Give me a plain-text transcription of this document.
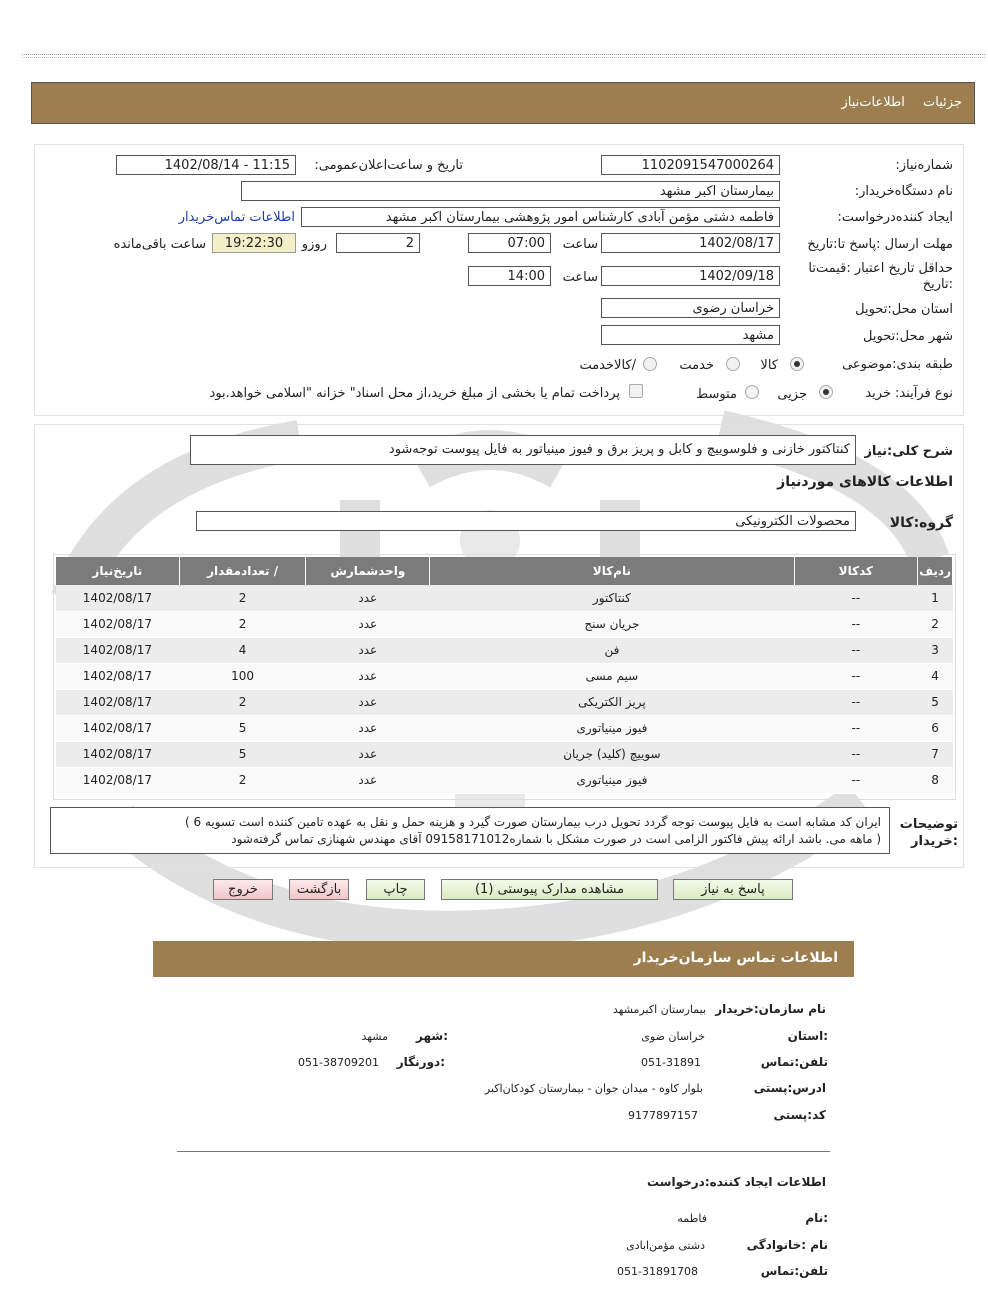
جزئیات اطلاعات‌نیاز
شماره‌نیاز:
1102091547000264
تاریخ و ساعت‌اعلان‌عمومی:
1402/08/14 - 11:15
نام دستگاه‌خریدار:
بیمارستان اکبر مشهد
ایجاد کننده‌درخواست:
فاطمه دشتی مؤمن آبادی کارشناس امور پژوهشی بیمارستان اکبر مشهد
اطلاعات تماس‌خریدار
مهلت ارسال :پاسخ تا:تاریخ
1402/08/17
ساعت
07:00
2
روزو
19:22:30
ساعت باقی‌مانده
حداقل تاریخ اعتبار :قیمت‌تا :تاریخ
1402/09/18
ساعت
14:00
استان محل:تحویل
خراسان رضوی
شهر محل:تحویل
مشهد
طبقه بندی:موضوعی
کالا
خدمت
/کالاخدمت
نوع فرآیند:
خرید
جزیی
متوسط
پرداخت تمام یا بخشی از مبلغ خرید،از محل اسناد" خزانه "اسلامی خواهد.بود
شرح کلی:نیاز
کنتاکتور خازنی و فلوسوییچ و کابل و پریز برق و فیوز مینیاتور به فایل پیوست توجه‌شود
اطلاعات کالاهای موردنیاز
گروه:کالا
محصولات الکترونیکی
ردیف	کدکالا	نام‌کالا	واحدشمارش	/ تعدادمقدار	تاریخ‌نیاز
1	--	کنتاکتور	عدد	2	1402/08/17
2	--	جریان سنج	عدد	2	1402/08/17
3	--	فن	عدد	4	1402/08/17
4	--	سیم مسی	عدد	100	1402/08/17
5	--	پریز الکتریکی	عدد	2	1402/08/17
6	--	فیوز مینیاتوری	عدد	5	1402/08/17
7	--	سوییچ (کلید) جریان	عدد	5	1402/08/17
8	--	فیوز مینیاتوری	عدد	2	1402/08/17
توضیحات
:خریدار
ایران کد مشابه است به فایل پیوست توجه گردد تحویل درب بیمارستان صورت گیرد و هزینه حمل و نقل به عهده تامین کننده است تسویه 6 )
( ماهه می. باشد ارائه پیش فاکتور الزامی است در صورت مشکل با شماره09158171012 آقای مهندس شهنازی تماس گرفته‌شود
پاسخ به نیاز
مشاهده مدارک پیوستی (1)
چاپ
بازگشت
خروج
اطلاعات تماس سازمان‌خریدار
نام سازمان:خریدار
بیمارستان اکبرمشهد
:استان
خراسان ضوی
:شهر
مشهد
تلفن:تماس
051-31891
:دورنگار
051-38709201
ادرس:پستی
بلوار کاوه - میدان جوان - بیمارستان کودکان‌اکبر
کد:پستی
9177897157
اطلاعات ایجاد کننده:درخواست
:نام
فاطمه
نام :خانوادگی
دشتی مؤمن‌ابادی
تلفن:تماس
051-31891708
